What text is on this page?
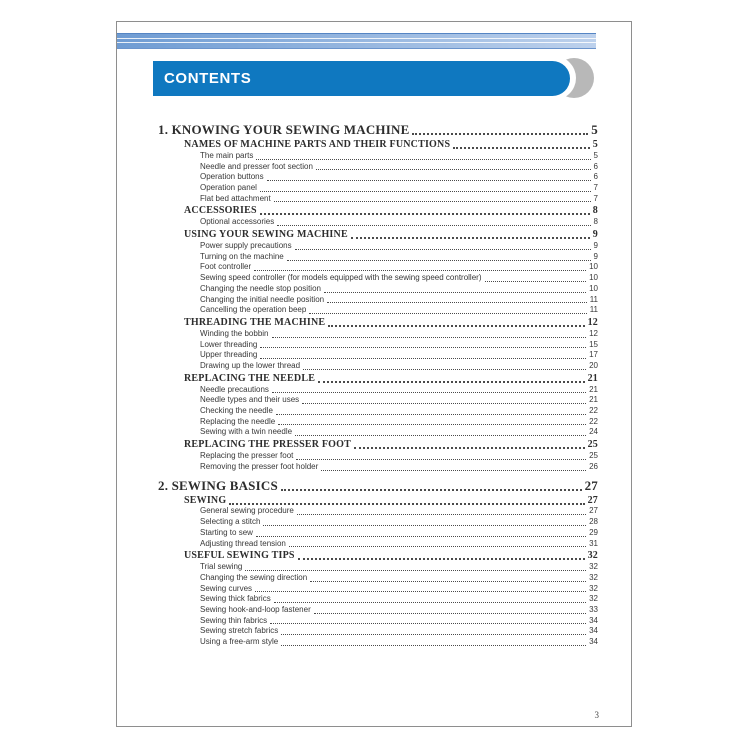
CONTENTS
1. KNOWING YOUR SEWING MACHINE	5
NAMES OF MACHINE PARTS AND THEIR FUNCTIONS	5
The main parts	5
Needle and presser foot section	6
Operation buttons	6
Operation panel	7
Flat bed attachment	7
ACCESSORIES	8
Optional accessories	8
USING YOUR SEWING MACHINE	9
Power supply precautions	9
Turning on the machine	9
Foot controller	10
Sewing speed controller (for models equipped with the sewing speed controller)	10
Changing the needle stop position	10
Changing the initial needle position	11
Cancelling the operation beep	11
THREADING THE MACHINE	12
Winding the bobbin	12
Lower threading	15
Upper threading	17
Drawing up the lower thread	20
REPLACING THE NEEDLE	21
Needle precautions	21
Needle types and their uses	21
Checking the needle	22
Replacing the needle	22
Sewing with a twin needle	24
REPLACING THE PRESSER FOOT	25
Replacing the presser foot	25
Removing the presser foot holder	26
2. SEWING BASICS	27
SEWING	27
General sewing procedure	27
Selecting a stitch	28
Starting to sew	29
Adjusting thread tension	31
USEFUL SEWING TIPS	32
Trial sewing	32
Changing the sewing direction	32
Sewing curves	32
Sewing thick fabrics	32
Sewing hook-and-loop fastener	33
Sewing thin fabrics	34
Sewing stretch fabrics	34
Using a free-arm style	34
3
